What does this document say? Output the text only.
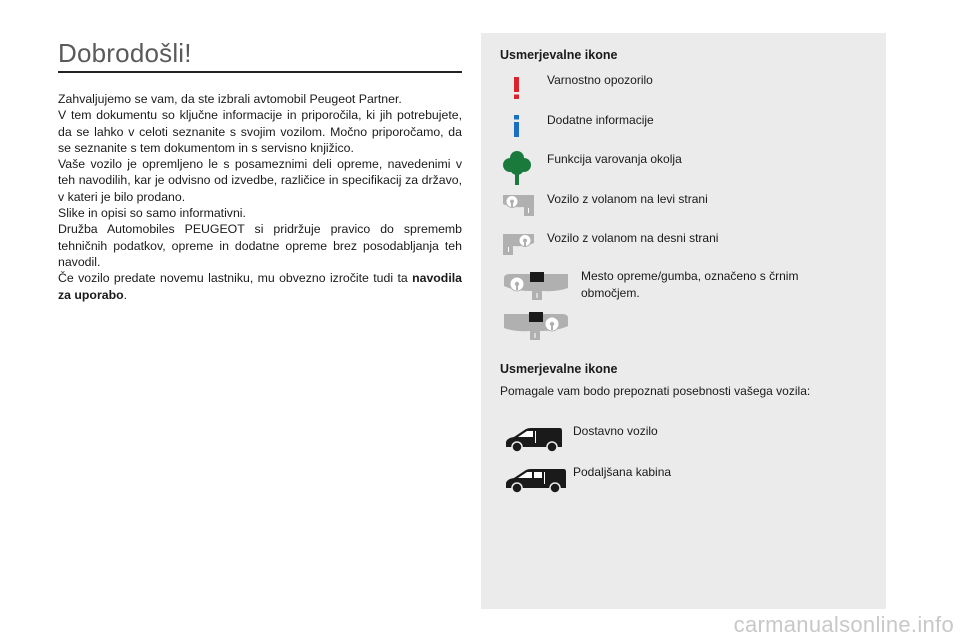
Dobrodošli!

Zahvaljujemo se vam, da ste izbrali avtomobil Peugeot Partner.

V tem dokumentu so ključne informacije in priporočila, ki jih potrebujete, da se lahko v celoti seznanite s svojim vozilom. Močno priporočamo, da se seznanite s tem dokumentom in s servisno knjižico.

Vaše vozilo je opremljeno le s posameznimi deli opreme, navedenimi v teh navodilih, kar je odvisno od izvedbe, različice in specifikacij za državo, v kateri je bilo prodano.

Slike in opisi so samo informativni.

Družba Automobiles PEUGEOT si pridržuje pravico do sprememb tehničnih podatkov, opreme in dodatne opreme brez posodabljanja teh navodil.

Če vozilo predate novemu lastniku, mu obvezno izročite tudi ta navodila za uporabo.

Usmerjevalne ikone
Varnostno opozorilo
Dodatne informacije
Funkcija varovanja okolja
Vozilo z volanom na levi strani
Vozilo z volanom na desni strani
Mesto opreme/gumba, označeno s črnim območjem.
Usmerjevalne ikone
Pomagale vam bodo prepoznati posebnosti vašega vozila:
Dostavno vozilo
Podaljšana kabina
carmanualsonline.info
